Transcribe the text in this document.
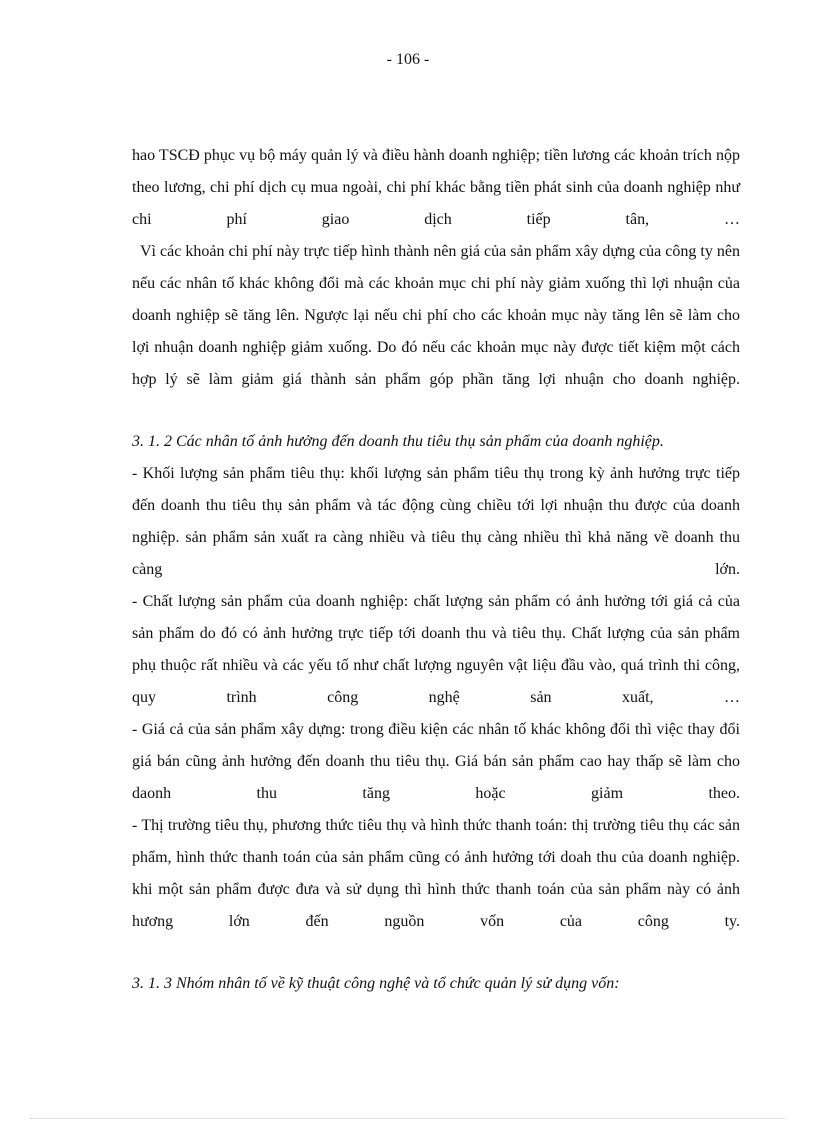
- 106 -

hao TSCĐ phục vụ bộ máy quản lý và điều hành doanh nghiệp; tiền lương các khoản trích nộp theo lương, chi phí dịch cụ mua ngoài, chi phí khác bằng tiền phát sinh của doanh nghiệp như chi phí giao dịch tiếp tân, …

Vì các khoản chi phí này trực tiếp hình thành nên giá của sản phẩm xây dựng của công ty nên nếu các nhân tố khác không đổi mà các khoản mục chi phí này giảm xuống thì lợi nhuận của doanh nghiệp sẽ tăng lên. Ngược lại nếu chi phí cho các khoản mục này tăng lên sẽ làm cho lợi nhuận doanh nghiệp giảm xuống. Do đó nếu các khoản mục này được tiết kiệm một cách hợp lý sẽ làm giảm giá thành sản phẩm góp phần tăng lợi nhuận cho doanh nghiệp.

3. 1. 2 Các nhân tố ảnh hưởng đến doanh thu tiêu thụ sản phẩm của doanh nghiệp.

- Khối lượng sản phẩm tiêu thụ: khối lượng sản phẩm tiêu thụ trong kỳ ảnh hưởng trực tiếp đến doanh thu tiêu thụ sản phẩm và tác động cùng chiều tới lợi nhuận thu được của doanh nghiệp. sản phẩm sản xuất ra càng nhiều và tiêu thụ càng nhiều thì khả năng về doanh thu càng lớn.

- Chất lượng sản phẩm của doanh nghiệp: chất lượng sản phẩm có ảnh hưởng tới giá cả của sản phẩm do đó có ảnh hưởng trực tiếp tới doanh thu và tiêu thụ. Chất lượng của sản phẩm phụ thuộc rất nhiều và các yếu tố như chất lượng nguyên vật liệu đầu vào, quá trình thi công, quy trình công nghệ sản xuất, …

- Giá cả của sản phẩm xây dựng: trong điều kiện các nhân tố khác không đổi thì việc thay đổi giá bán cũng ảnh hưởng đến doanh thu tiêu thụ. Giá bán sản phẩm cao hay thấp sẽ làm cho daonh thu tăng hoặc giảm theo.

- Thị trường tiêu thụ, phương thức tiêu thụ và hình thức thanh toán: thị trường tiêu thụ các sản phẩm, hình thức thanh toán của sản phẩm cũng có ảnh hưởng tới doah thu của doanh nghiệp. khi một sản phẩm được đưa và sử dụng thì hình thức thanh toán của sản phẩm này có ảnh hương lớn đến nguồn vốn của công ty.

3. 1. 3 Nhóm nhân tố về kỹ thuật công nghệ và tổ chức quản lý sử dụng vốn:
